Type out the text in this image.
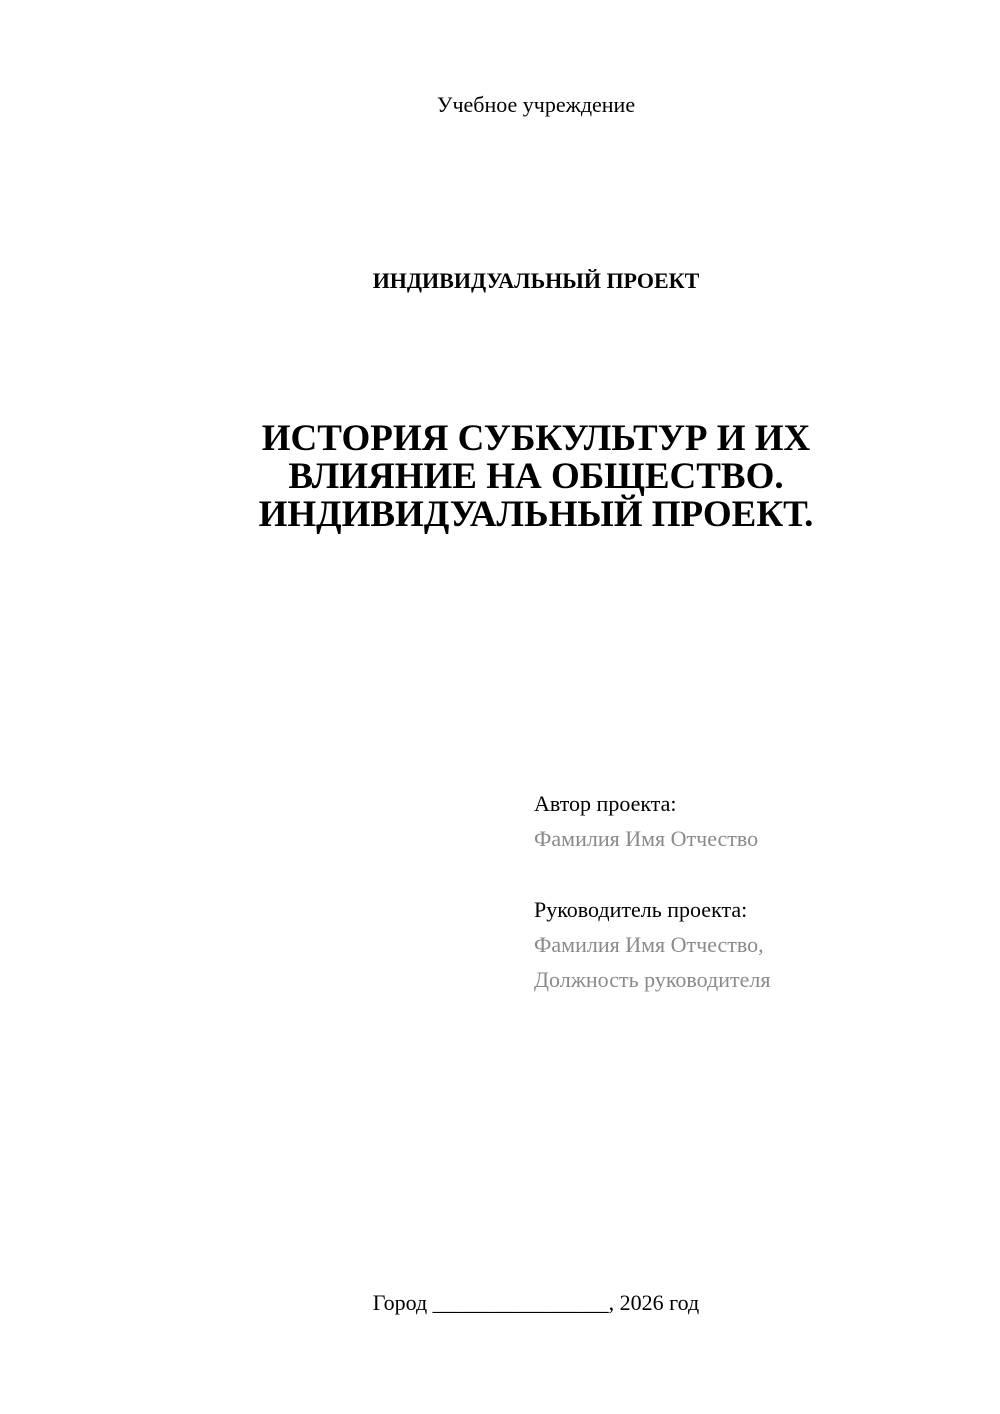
Учебное учреждение
ИНДИВИДУАЛЬНЫЙ ПРОЕКТ
ИСТОРИЯ СУБКУЛЬТУР И ИХ
ВЛИЯНИЕ НА ОБЩЕСТВО.
ИНДИВИДУАЛЬНЫЙ ПРОЕКТ.
Автор проекта:
Фамилия Имя Отчество
Руководитель проекта:
Фамилия Имя Отчество,
Должность руководителя
Город ________________, 2026 год
